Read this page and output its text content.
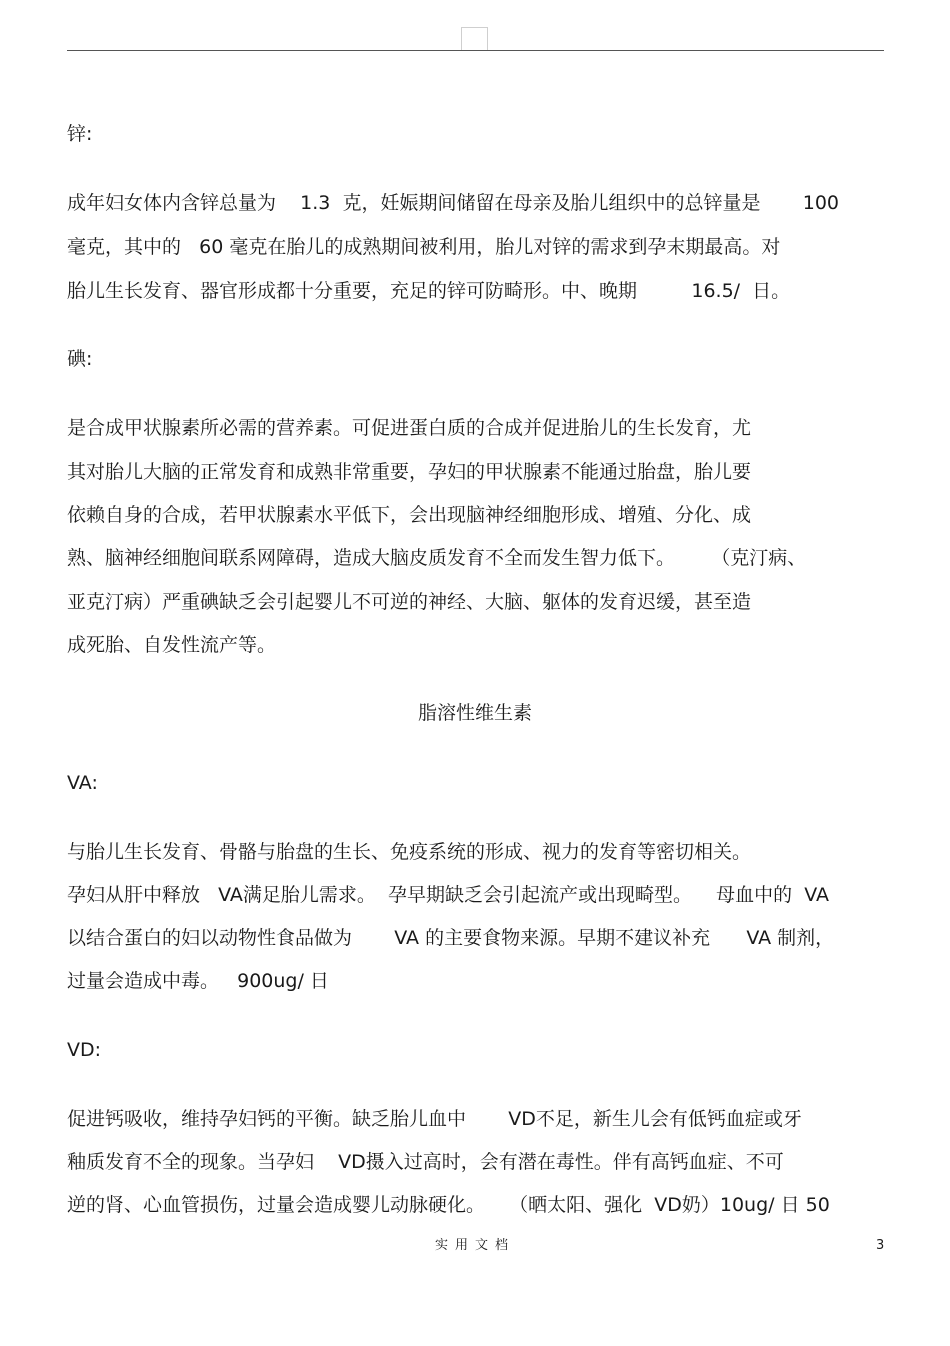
锌:
成年妇女体内含锌总量为    1.3  克，妊娠期间储留在母亲及胎儿组织中的总锌量是       100
毫克，其中的   60 毫克在胎儿的成熟期间被利用，胎儿对锌的需求到孕末期最高。对
胎儿生长发育、器官形成都十分重要，充足的锌可防畸形。中、晚期         16.5/  日。
碘:
是合成甲状腺素所必需的营养素。可促进蛋白质的合成并促进胎儿的生长发育，尤
其对胎儿大脑的正常发育和成熟非常重要，孕妇的甲状腺素不能通过胎盘，胎儿要
依赖自身的合成，若甲状腺素水平低下，会出现脑神经细胞形成、增殖、分化、成
熟、脑神经细胞间联系网障碍，造成大脑皮质发育不全而发生智力低下。      （克汀病、
亚克汀病）严重碘缺乏会引起婴儿不可逆的神经、大脑、躯体的发育迟缓，甚至造
成死胎、自发性流产等。
脂溶性维生素
VA:
与胎儿生长发育、骨骼与胎盘的生长、免疫系统的形成、视力的发育等密切相关。
孕妇从肝中释放   VA满足胎儿需求。  孕早期缺乏会引起流产或出现畸型。    母血中的  VA
以结合蛋白的妇以动物性食品做为       VA 的主要食物来源。早期不建议补充      VA 制剂，
过量会造成中毒。   900ug/ 日
VD:
促进钙吸收，维持孕妇钙的平衡。缺乏胎儿血中       VD不足，新生儿会有低钙血症或牙
釉质发育不全的现象。当孕妇    VD摄入过高时，会有潜在毒性。伴有高钙血症、不可
逆的肾、心血管损伤，过量会造成婴儿动脉硬化。    （晒太阳、强化  VD奶）10ug/ 日 50
实用文档	3
